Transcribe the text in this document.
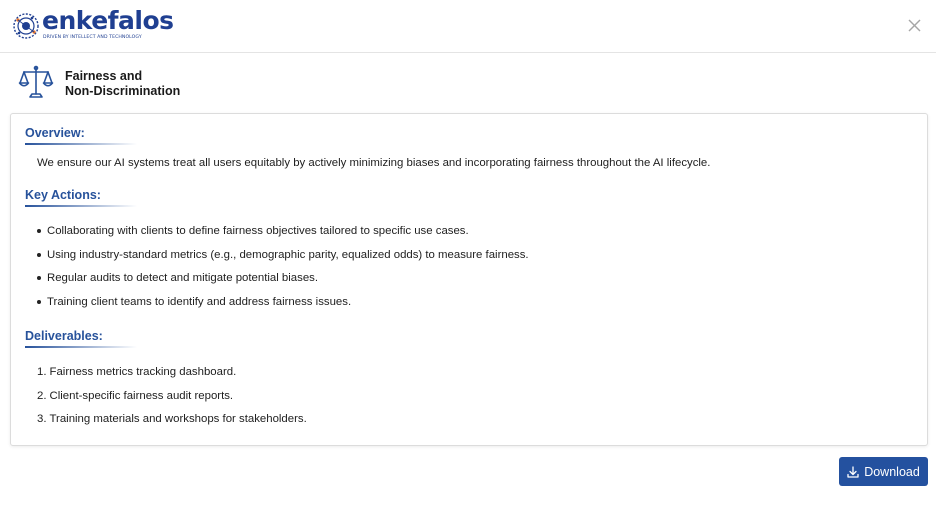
enkefalos
DRIVEN BY INTELLECT AND TECHNOLOGY
Fairness and
Non-Discrimination
Overview:
We ensure our AI systems treat all users equitably by actively minimizing biases and incorporating fairness throughout the AI lifecycle.
Key Actions:
Collaborating with clients to define fairness objectives tailored to specific use cases.
Using industry-standard metrics (e.g., demographic parity, equalized odds) to measure fairness.
Regular audits to detect and mitigate potential biases.
Training client teams to identify and address fairness issues.
Deliverables:
1. Fairness metrics tracking dashboard.
2. Client-specific fairness audit reports.
3. Training materials and workshops for stakeholders.
Download
